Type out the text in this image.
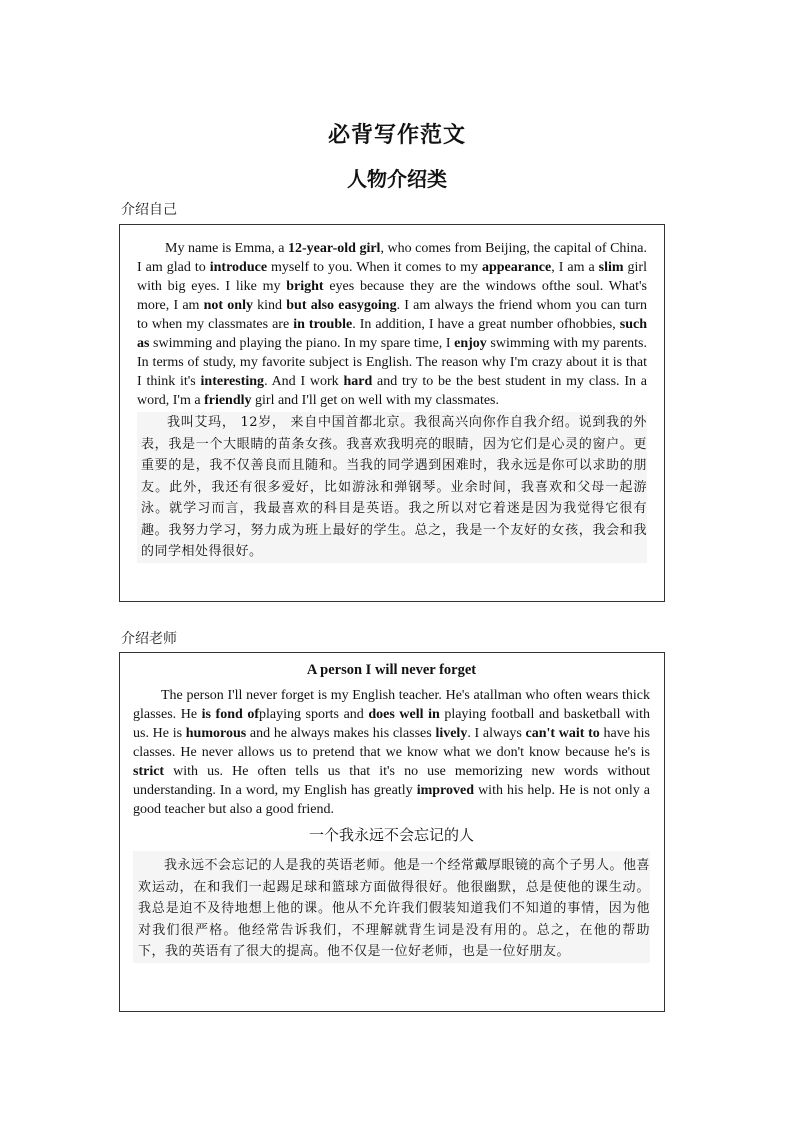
必背写作范文
人物介绍类
介绍自己

My name is Emma, a 12-year-old girl, who comes from Beijing, the capital of China. I am glad to introduce myself to you. When it comes to my appearance, I am a slim girl with big eyes. I like my bright eyes because they are the windows ofthe soul. What's more, I am not only kind but also easygoing. I am always the friend whom you can turn to when my classmates are in trouble. In addition, I have a great number ofhobbies, such as swimming and playing the piano. In my spare time, I enjoy swimming with my parents. In terms of study, my favorite subject is English. The reason why I'm crazy about it is that I think it's interesting. And I work hard and try to be the best student in my class. In a word, I'm a friendly girl and I'll get on well with my classmates.

我叫艾玛， 12岁， 来自中国首都北京。我很高兴向你作自我介绍。说到我的外表，我是一个大眼睛的苗条女孩。我喜欢我明亮的眼睛，因为它们是心灵的窗户。更重要的是，我不仅善良而且随和。当我的同学遇到困难时，我永远是你可以求助的朋友。此外，我还有很多爱好，比如游泳和弹钢琴。业余时间，我喜欢和父母一起游泳。就学习而言，我最喜欢的科目是英语。我之所以对它着迷是因为我觉得它很有趣。我努力学习，努力成为班上最好的学生。总之，我是一个友好的女孩，我会和我的同学相处得很好。

介绍老师

A person I will never forget

The person I'll never forget is my English teacher. He's atallman who often wears thick glasses. He is fond ofplaying sports and does well in playing football and basketball with us. He is humorous and he always makes his classes lively. I always can't wait to have his classes. He never allows us to pretend that we know what we don't know because he's is strict with us. He often tells us that it's no use memorizing new words without understanding. In a word, my English has greatly improved with his help. He is not only a good teacher but also a good friend.

一个我永远不会忘记的人

我永远不会忘记的人是我的英语老师。他是一个经常戴厚眼镜的高个子男人。他喜欢运动，在和我们一起踢足球和篮球方面做得很好。他很幽默，总是使他的课生动。我总是迫不及待地想上他的课。他从不允许我们假装知道我们不知道的事情，因为他对我们很严格。他经常告诉我们，不理解就背生词是没有用的。总之，在他的帮助下，我的英语有了很大的提高。他不仅是一位好老师，也是一位好朋友。
